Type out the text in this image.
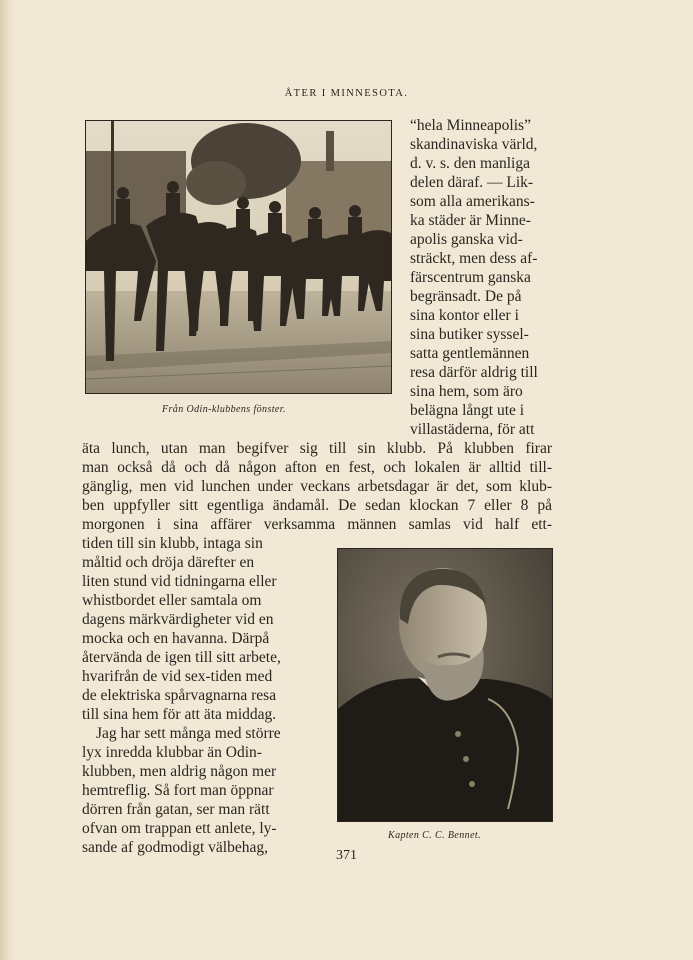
ÅTER I MINNESOTA.
Från Odin-klubbens fönster.
“hela Minneapolis”
skandinaviska värld,
d. v. s. den manliga
delen däraf. — Lik-
som alla amerikans-
ka städer är Minne-
apolis ganska vid-
sträckt, men dess af-
färscentrum ganska
begränsadt. De på
sina kontor eller i
sina butiker syssel-
satta gentlemännen
resa därför aldrig till
sina hem, som äro
belägna långt ute i
villastäderna, för att
äta lunch, utan man begifver sig till sin klubb. På klubben firar
man också då och då någon afton en fest, och lokalen är alltid till-
gänglig, men vid lunchen under veckans arbetsdagar är det, som klub-
ben uppfyller sitt egentliga ändamål. De sedan klockan 7 eller 8 på
morgonen i sina affärer verksamma männen samlas vid half ett-
tiden till sin klubb, intaga sin
måltid och dröja därefter en
liten stund vid tidningarna eller
whistbordet eller samtala om
dagens märkvärdigheter vid en
mocka och en havanna. Därpå
återvända de igen till sitt arbete,
hvarifrån de vid sex-tiden med
de elektriska spårvagnarna resa
till sina hem för att äta middag.
Jag har sett många med större
lyx inredda klubbar än Odin-
klubben, men aldrig någon mer
hemtreflig. Så fort man öppnar
dörren från gatan, ser man rätt
ofvan om trappan ett anlete, ly-
sande af godmodigt välbehag,
Kapten C. C. Bennet.
371
